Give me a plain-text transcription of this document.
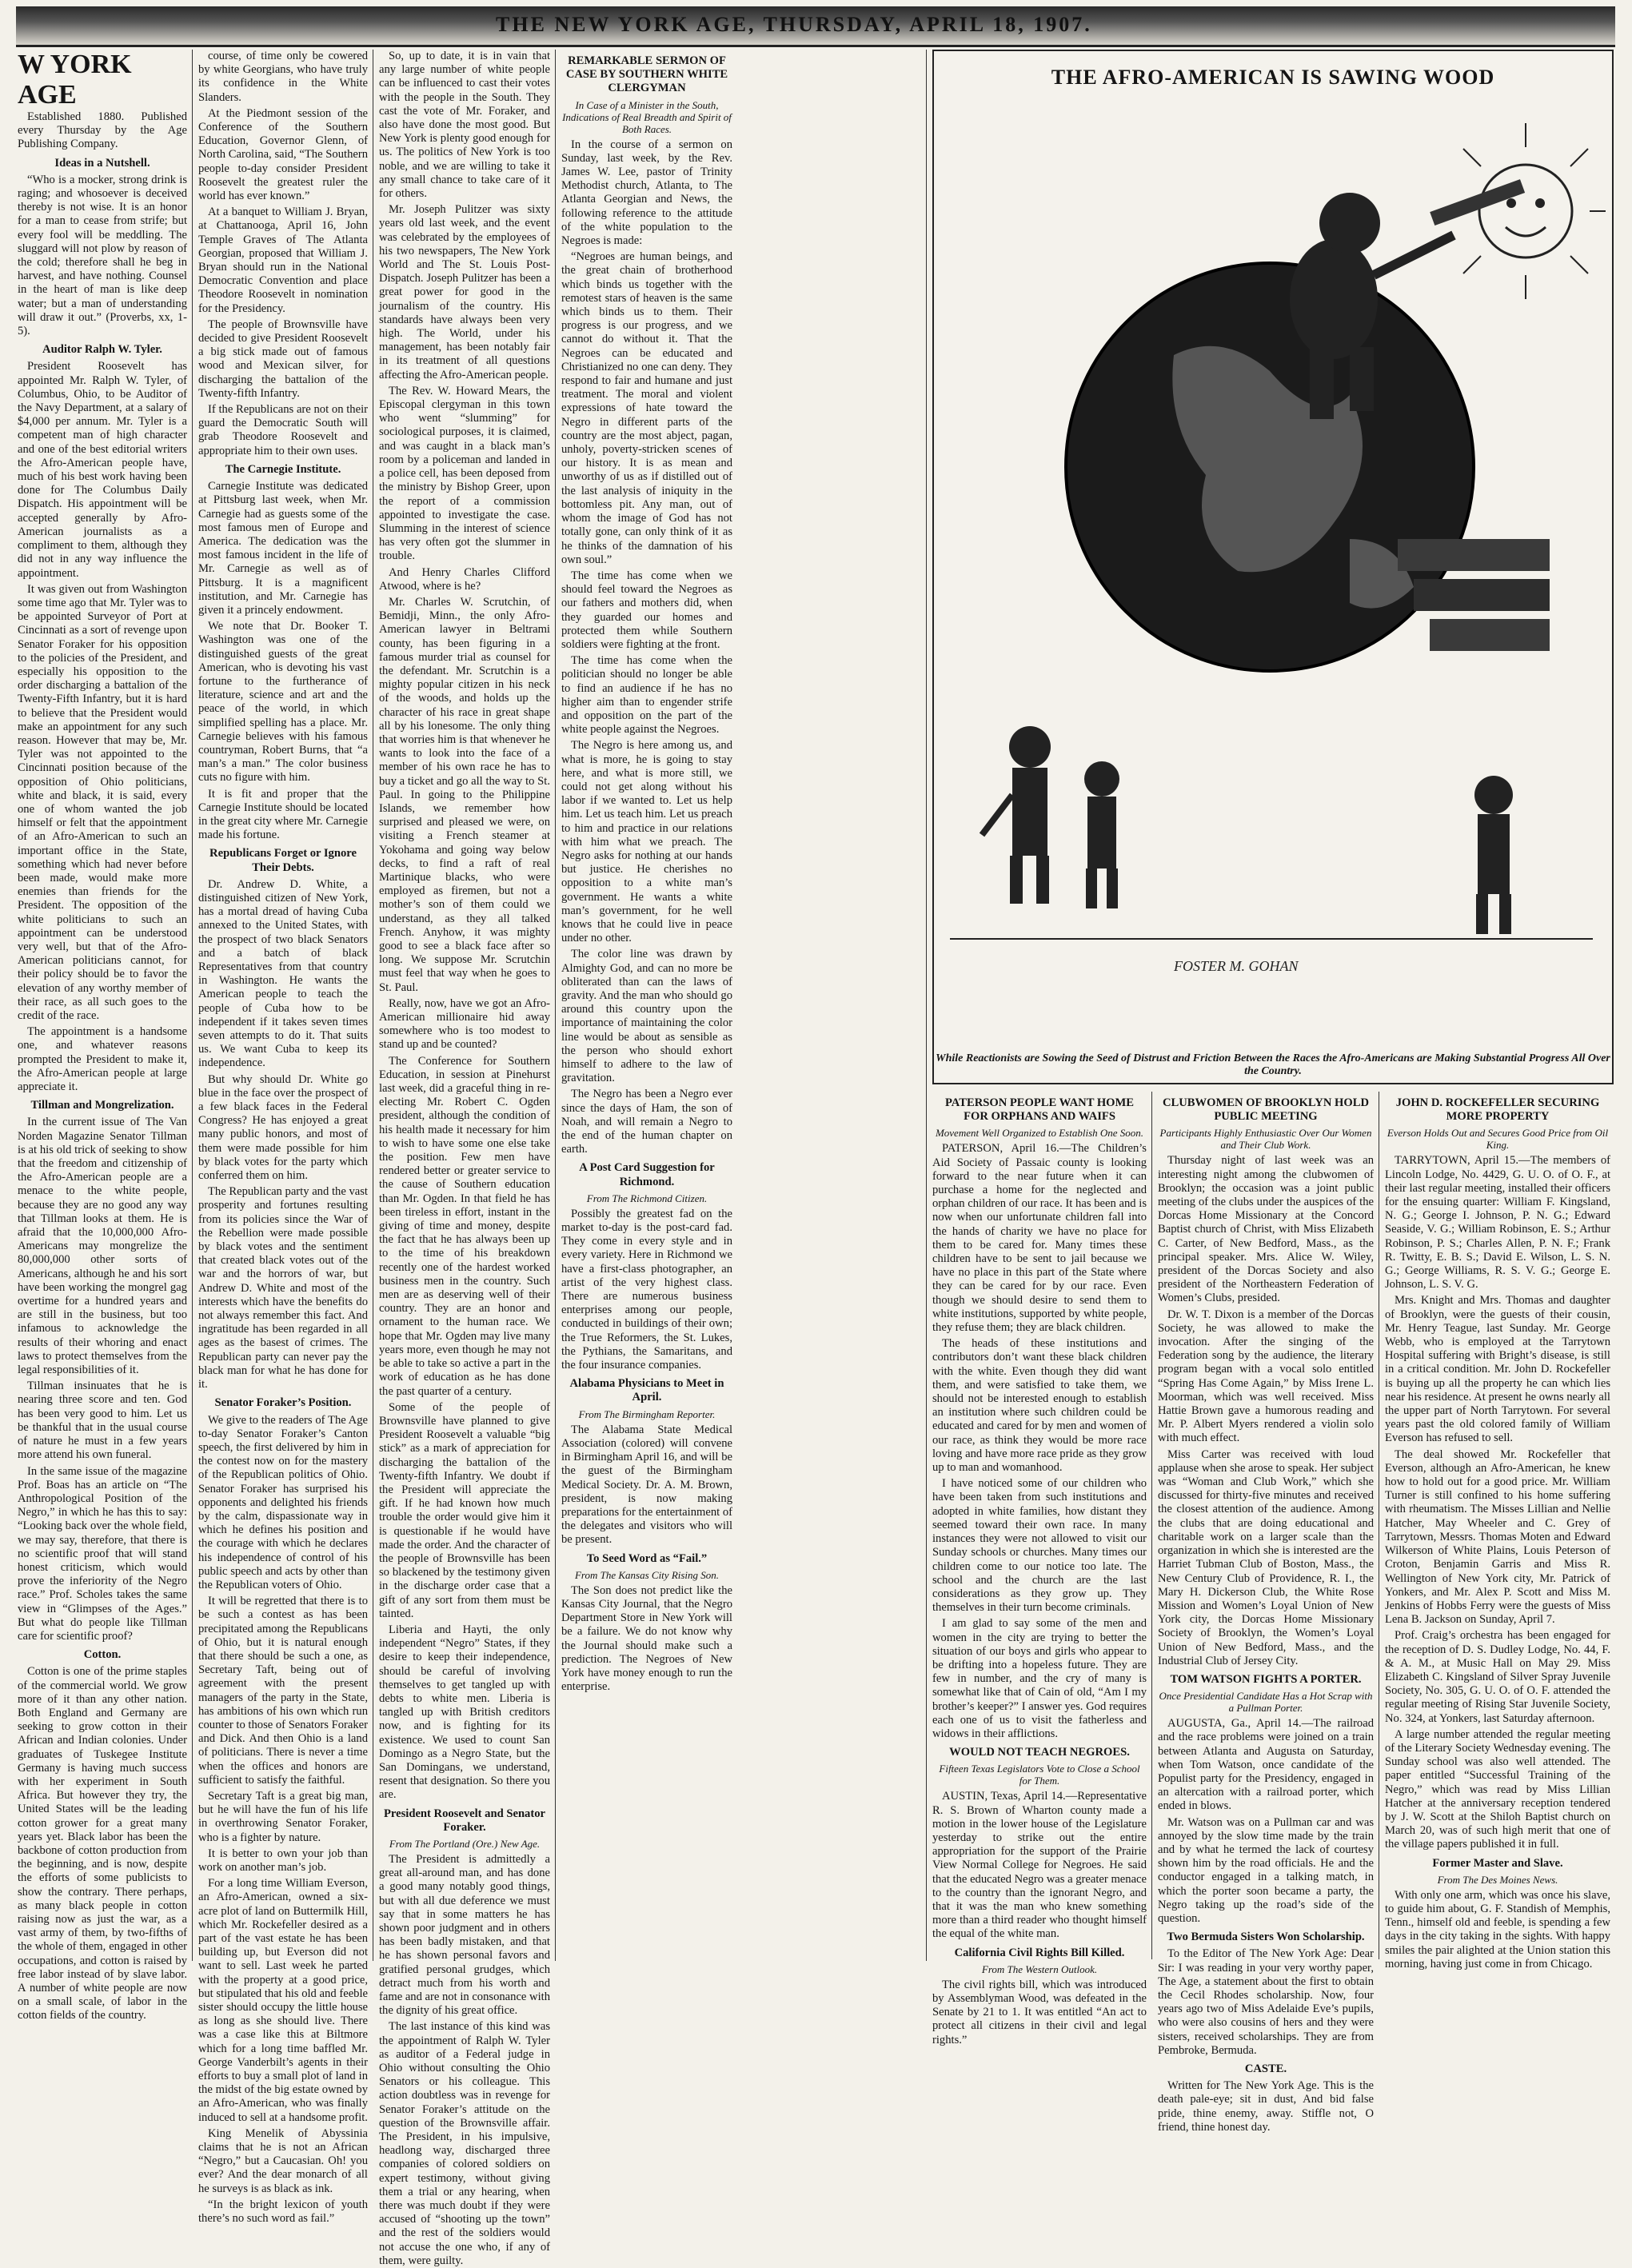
THE NEW YORK AGE, THURSDAY, APRIL 18, 1907.
W YORK AGE

Established 1880. Published every Thursday by the Age Publishing Company.

Ideas in a Nutshell.

“Who is a mocker, strong drink is raging; and whosoever is deceived thereby is not wise. It is an honor for a man to cease from strife; but every fool will be meddling. The sluggard will not plow by reason of the cold; therefore shall he beg in harvest, and have nothing. Counsel in the heart of man is like deep water; but a man of understanding will draw it out.” (Proverbs, xx, 1-5).

Auditor Ralph W. Tyler.

President Roosevelt has appointed Mr. Ralph W. Tyler, of Columbus, Ohio, to be Auditor of the Navy Department, at a salary of $4,000 per annum. Mr. Tyler is a competent man of high character and one of the best editorial writers the Afro-American people have, much of his best work having been done for The Columbus Daily Dispatch. His appointment will be accepted generally by Afro-American journalists as a compliment to them, although they did not in any way influence the appointment.

It was given out from Washington some time ago that Mr. Tyler was to be appointed Surveyor of Port at Cincinnati as a sort of revenge upon Senator Foraker for his opposition to the policies of the President, and especially his opposition to the order discharging a battalion of the Twenty-Fifth Infantry, but it is hard to believe that the President would make an appointment for any such reason. However that may be, Mr. Tyler was not appointed to the Cincinnati position because of the opposition of Ohio politicians, white and black, it is said, every one of whom wanted the job himself or felt that the appointment of an Afro-American to such an important office in the State, something which had never before been made, would make more enemies than friends for the President. The opposition of the white politicians to such an appointment can be understood very well, but that of the Afro-American politicians cannot, for their policy should be to favor the elevation of any worthy member of their race, as all such goes to the credit of the race.

The appointment is a handsome one, and whatever reasons prompted the President to make it, the Afro-American people at large appreciate it.

Tillman and Mongrelization.

In the current issue of The Van Norden Magazine Senator Tillman is at his old trick of seeking to show that the freedom and citizenship of the Afro-American people are a menace to the white people, because they are no good any way that Tillman looks at them. He is afraid that the 10,000,000 Afro-Americans may mongrelize the 80,000,000 other sorts of Americans, although he and his sort have been working the mongrel gag overtime for a hundred years and are still in the business, but too infamous to acknowledge the results of their whoring and enact laws to protect themselves from the legal responsibilities of it.

Tillman insinuates that he is nearing three score and ten. God has been very good to him. Let us be thankful that in the usual course of nature he must in a few years more attend his own funeral.

In the same issue of the magazine Prof. Boas has an article on “The Anthropological Position of the Negro,” in which he has this to say: “Looking back over the whole field, we may say, therefore, that there is no scientific proof that will stand honest criticism, which would prove the inferiority of the Negro race.” Prof. Scholes takes the same view in “Glimpses of the Ages.” But what do people like Tillman care for scientific proof?

Cotton.

Cotton is one of the prime staples of the commercial world. We grow more of it than any other nation. Both England and Germany are seeking to grow cotton in their African and Indian colonies. Under graduates of Tuskegee Institute Germany is having much success with her experiment in South Africa. But however they try, the United States will be the leading cotton grower for a great many years yet. Black labor has been the backbone of cotton production from the beginning, and is now, despite the efforts of some publicists to show the contrary. There perhaps, as many black people in cotton raising now as just the war, as a vast army of them, by two-fifths of the whole of them, engaged in other occupations, and cotton is raised by free labor instead of by slave labor. A number of white people are now on a small scale, of labor in the cotton fields of the country.

course, of time only be cowered by white Georgians, who have truly its confidence in the White Slanders.

At the Piedmont session of the Conference of the Southern Education, Governor Glenn, of North Carolina, said, “The Southern people to-day consider President Roosevelt the greatest ruler the world has ever known.”

At a banquet to William J. Bryan, at Chattanooga, April 16, John Temple Graves of The Atlanta Georgian, proposed that William J. Bryan should run in the National Democratic Convention and place Theodore Roosevelt in nomination for the Presidency.

The people of Brownsville have decided to give President Roosevelt a big stick made out of famous wood and Mexican silver, for discharging the battalion of the Twenty-fifth Infantry.

If the Republicans are not on their guard the Democratic South will grab Theodore Roosevelt and appropriate him to their own uses.

The Carnegie Institute.

Carnegie Institute was dedicated at Pittsburg last week, when Mr. Carnegie had as guests some of the most famous men of Europe and America. The dedication was the most famous incident in the life of Mr. Carnegie as well as of Pittsburg. It is a magnificent institution, and Mr. Carnegie has given it a princely endowment.

We note that Dr. Booker T. Washington was one of the distinguished guests of the great American, who is devoting his vast fortune to the furtherance of literature, science and art and the peace of the world, in which simplified spelling has a place. Mr. Carnegie believes with his famous countryman, Robert Burns, that “a man’s a man.” The color business cuts no figure with him.

It is fit and proper that the Carnegie Institute should be located in the great city where Mr. Carnegie made his fortune.

Republicans Forget or Ignore Their Debts.

Dr. Andrew D. White, a distinguished citizen of New York, has a mortal dread of having Cuba annexed to the United States, with the prospect of two black Senators and a batch of black Representatives from that country in Washington. He wants the American people to teach the people of Cuba how to be independent if it takes seven times seven attempts to do it. That suits us. We want Cuba to keep its independence.

But why should Dr. White go blue in the face over the prospect of a few black faces in the Federal Congress? He has enjoyed a great many public honors, and most of them were made possible for him by black votes for the party which conferred them on him.

The Republican party and the vast prosperity and fortunes resulting from its policies since the War of the Rebellion were made possible by black votes and the sentiment that created black votes out of the war and the horrors of war, but Andrew D. White and most of the interests which have the benefits do not always remember this fact. And ingratitude has been regarded in all ages as the basest of crimes. The Republican party can never pay the black man for what he has done for it.

Senator Foraker’s Position.

We give to the readers of The Age to-day Senator Foraker’s Canton speech, the first delivered by him in the contest now on for the mastery of the Republican politics of Ohio. Senator Foraker has surprised his opponents and delighted his friends by the calm, dispassionate way in which he defines his position and the courage with which he declares his independence of control of his public speech and acts by other than the Republican voters of Ohio.

It will be regretted that there is to be such a contest as has been precipitated among the Republicans of Ohio, but it is natural enough that there should be such a one, as Secretary Taft, being out of agreement with the present managers of the party in the State, has ambitions of his own which run counter to those of Senators Foraker and Dick. And then Ohio is a land of politicians. There is never a time when the offices and honors are sufficient to satisfy the faithful.

Secretary Taft is a great big man, but he will have the fun of his life in overthrowing Senator Foraker, who is a fighter by nature.

It is better to own your job than work on another man’s job.

For a long time William Everson, an Afro-American, owned a six-acre plot of land on Buttermilk Hill, which Mr. Rockefeller desired as a part of the vast estate he has been building up, but Everson did not want to sell. Last week he parted with the property at a good price, but stipulated that his old and feeble sister should occupy the little house as long as she should live. There was a case like this at Biltmore which for a long time baffled Mr. George Vanderbilt’s agents in their efforts to buy a small plot of land in the midst of the big estate owned by an Afro-American, who was finally induced to sell at a handsome profit.

King Menelik of Abyssinia claims that he is not an African “Negro,” but a Caucasian. Oh! you ever? And the dear monarch of all he surveys is as black as ink.

“In the bright lexicon of youth there’s no such word as fail.”

So, up to date, it is in vain that any large number of white people can be influenced to cast their votes with the people in the South. They cast the vote of Mr. Foraker, and also have done the most good. But New York is plenty good enough for us. The politics of New York is too noble, and we are willing to take it any small chance to take care of it for others.

Mr. Joseph Pulitzer was sixty years old last week, and the event was celebrated by the employees of his two newspapers, The New York World and The St. Louis Post-Dispatch. Joseph Pulitzer has been a great power for good in the journalism of the country. His standards have always been very high. The World, under his management, has been notably fair in its treatment of all questions affecting the Afro-American people.

The Rev. W. Howard Mears, the Episcopal clergyman in this town who went “slumming” for sociological purposes, it is claimed, and was caught in a black man’s room by a policeman and landed in a police cell, has been deposed from the ministry by Bishop Greer, upon the report of a commission appointed to investigate the case. Slumming in the interest of science has very often got the slummer in trouble.

And Henry Charles Clifford Atwood, where is he?

Mr. Charles W. Scrutchin, of Bemidji, Minn., the only Afro-American lawyer in Beltrami county, has been figuring in a famous murder trial as counsel for the defendant. Mr. Scrutchin is a mighty popular citizen in his neck of the woods, and holds up the character of his race in great shape all by his lonesome. The only thing that worries him is that whenever he wants to look into the face of a member of his own race he has to buy a ticket and go all the way to St. Paul. In going to the Philippine Islands, we remember how surprised and pleased we were, on visiting a French steamer at Yokohama and going way below decks, to find a raft of real Martinique blacks, who were employed as firemen, but not a mother’s son of them could we understand, as they all talked French. Anyhow, it was mighty good to see a black face after so long. We suppose Mr. Scrutchin must feel that way when he goes to St. Paul.

Really, now, have we got an Afro-American millionaire hid away somewhere who is too modest to stand up and be counted?

The Conference for Southern Education, in session at Pinehurst last week, did a graceful thing in re-electing Mr. Robert C. Ogden president, although the condition of his health made it necessary for him to wish to have some one else take the position. Few men have rendered better or greater service to the cause of Southern education than Mr. Ogden. In that field he has been tireless in effort, instant in the giving of time and money, despite the fact that he has always been up to the time of his breakdown recently one of the hardest worked business men in the country. Such men are as deserving well of their country. They are an honor and ornament to the human race. We hope that Mr. Ogden may live many years more, even though he may not be able to take so active a part in the work of education as he has done the past quarter of a century.

Some of the people of Brownsville have planned to give President Roosevelt a valuable “big stick” as a mark of appreciation for discharging the battalion of the Twenty-fifth Infantry. We doubt if the President will appreciate the gift. If he had known how much trouble the order would give him it is questionable if he would have made the order. And the character of the people of Brownsville has been so blackened by the testimony given in the discharge order case that a gift of any sort from them must be tainted.

Liberia and Hayti, the only independent “Negro” States, if they desire to keep their independence, should be careful of involving themselves to get tangled up with debts to white men. Liberia is tangled up with British creditors now, and is fighting for its existence. We used to count San Domingo as a Negro State, but the San Domingans, we understand, resent that designation. So there you are.

President Roosevelt and Senator Foraker.
From The Portland (Ore.) New Age.

The President is admittedly a great all-around man, and has done a good many notably good things, but with all due deference we must say that in some matters he has shown poor judgment and in others has been badly mistaken, and that he has shown personal favors and gratified personal grudges, which detract much from his worth and fame and are not in consonance with the dignity of his great office.

The last instance of this kind was the appointment of Ralph W. Tyler as auditor of a Federal judge in Ohio without consulting the Ohio Senators or his colleague. This action doubtless was in revenge for Senator Foraker’s attitude on the question of the Brownsville affair. The President, in his impulsive, headlong way, discharged three companies of colored soldiers on expert testimony, without giving them a trial or any hearing, when there was much doubt if they were accused of “shooting up the town” and the rest of the soldiers would not accuse the one who, if any of them, were guilty.

REMARKABLE SERMON OF CASE BY SOUTHERN WHITE CLERGYMAN
In Case of a Minister in the South, Indications of Real Breadth and Spirit of Both Races.

In the course of a sermon on Sunday, last week, by the Rev. James W. Lee, pastor of Trinity Methodist church, Atlanta, to The Atlanta Georgian and News, the following reference to the attitude of the white population to the Negroes is made:

“Negroes are human beings, and the great chain of brotherhood which binds us together with the remotest stars of heaven is the same which binds us to them. Their progress is our progress, and we cannot do without it. That the Negroes can be educated and Christianized no one can deny. They respond to fair and humane and just treatment. The moral and violent expressions of hate toward the Negro in different parts of the country are the most abject, pagan, unholy, poverty-stricken scenes of our history. It is as mean and unworthy of us as if distilled out of the last analysis of iniquity in the bottomless pit. Any man, out of whom the image of God has not totally gone, can only think of it as he thinks of the damnation of his own soul.”

The time has come when we should feel toward the Negroes as our fathers and mothers did, when they guarded our homes and protected them while Southern soldiers were fighting at the front.

The time has come when the politician should no longer be able to find an audience if he has no higher aim than to engender strife and opposition on the part of the white people against the Negroes.

The Negro is here among us, and what is more, he is going to stay here, and what is more still, we could not get along without his labor if we wanted to. Let us help him. Let us teach him. Let us preach to him and practice in our relations with him what we preach. The Negro asks for nothing at our hands but justice. He cherishes no opposition to a white man’s government. He wants a white man’s government, for he well knows that he could live in peace under no other.

The color line was drawn by Almighty God, and can no more be obliterated than can the laws of gravity. And the man who should go around this country upon the importance of maintaining the color line would be about as sensible as the person who should exhort himself to adhere to the law of gravitation.

The Negro has been a Negro ever since the days of Ham, the son of Noah, and will remain a Negro to the end of the human chapter on earth.

A Post Card Suggestion for Richmond.
From The Richmond Citizen.

Possibly the greatest fad on the market to-day is the post-card fad. They come in every style and in every variety. Here in Richmond we have a first-class photographer, an artist of the very highest class. There are numerous business enterprises among our people, conducted in buildings of their own; the True Reformers, the St. Lukes, the Pythians, the Samaritans, and the four insurance companies.

Alabama Physicians to Meet in April.
From The Birmingham Reporter.

The Alabama State Medical Association (colored) will convene in Birmingham April 16, and will be the guest of the Birmingham Medical Society. Dr. A. M. Brown, president, is now making preparations for the entertainment of the delegates and visitors who will be present.

To Seed Word as “Fail.”
From The Kansas City Rising Son.

The Son does not predict like the Kansas City Journal, that the Negro Department Store in New York will be a failure. We do not know why the Journal should make such a prediction. The Negroes of New York have money enough to run the enterprise.

THE AFRO-AMERICAN IS SAWING WOOD
FOSTER M. GOHAN
While Reactionists are Sowing the Seed of Distrust and Friction Between the Races the Afro-Americans are Making Substantial Progress All Over the Country.
PATERSON PEOPLE WANT HOME FOR ORPHANS AND WAIFS
Movement Well Organized to Establish One Soon.

PATERSON, April 16.—The Children’s Aid Society of Passaic county is looking forward to the near future when it can purchase a home for the neglected and orphan children of our race. It has been and is now when our unfortunate children fall into the hands of charity we have no place for them to be cared for. Many times these children have to be sent to jail because we have no place in this part of the State where they can be cared for by our race. Even though we should desire to send them to white institutions, supported by white people, they refuse them; they are black children.

The heads of these institutions and contributors don’t want these black children with the white. Even though they did want them, and were satisfied to take them, we should not be interested enough to establish an institution where such children could be educated and cared for by men and women of our race, as think they would be more race loving and have more race pride as they grow up to man and womanhood.

I have noticed some of our children who have been taken from such institutions and adopted in white families, how distant they seemed toward their own race. In many instances they were not allowed to visit our Sunday schools or churches. Many times our children come to our notice too late. The school and the church are the last considerations as they grow up. They themselves in their turn become criminals.

I am glad to say some of the men and women in the city are trying to better the situation of our boys and girls who appear to be drifting into a hopeless future. They are few in number, and the cry of many is somewhat like that of Cain of old, “Am I my brother’s keeper?” I answer yes. God requires each one of us to visit the fatherless and widows in their afflictions.

WOULD NOT TEACH NEGROES.
Fifteen Texas Legislators Vote to Close a School for Them.

AUSTIN, Texas, April 14.—Representative R. S. Brown of Wharton county made a motion in the lower house of the Legislature yesterday to strike out the entire appropriation for the support of the Prairie View Normal College for Negroes. He said that the educated Negro was a greater menace to the country than the ignorant Negro, and that it was the man who knew something more than a third reader who thought himself the equal of the white man.

California Civil Rights Bill Killed.
From The Western Outlook.

The civil rights bill, which was introduced by Assemblyman Wood, was defeated in the Senate by 21 to 1. It was entitled “An act to protect all citizens in their civil and legal rights.”

CLUBWOMEN OF BROOKLYN HOLD PUBLIC MEETING
Participants Highly Enthusiastic Over Our Women and Their Club Work.

Thursday night of last week was an interesting night among the clubwomen of Brooklyn; the occasion was a joint public meeting of the clubs under the auspices of the Dorcas Home Missionary at the Concord Baptist church of Christ, with Miss Elizabeth C. Carter, of New Bedford, Mass., as the principal speaker. Mrs. Alice W. Wiley, president of the Dorcas Society and also president of the Northeastern Federation of Women’s Clubs, presided.

Dr. W. T. Dixon is a member of the Dorcas Society, he was allowed to make the invocation. After the singing of the Federation song by the audience, the literary program began with a vocal solo entitled “Spring Has Come Again,” by Miss Irene L. Moorman, which was well received. Miss Hattie Brown gave a humorous reading and Mr. P. Albert Myers rendered a violin solo with much effect.

Miss Carter was received with loud applause when she arose to speak. Her subject was “Woman and Club Work,” which she discussed for thirty-five minutes and received the closest attention of the audience. Among the clubs that are doing educational and charitable work on a larger scale than the organization in which she is interested are the Harriet Tubman Club of Boston, Mass., the New Century Club of Providence, R. I., the Mary H. Dickerson Club, the White Rose Mission and Women’s Loyal Union of New York city, the Dorcas Home Missionary Society of Brooklyn, the Women’s Loyal Union of New Bedford, Mass., and the Industrial Club of Jersey City.

TOM WATSON FIGHTS A PORTER.
Once Presidential Candidate Has a Hot Scrap with a Pullman Porter.

AUGUSTA, Ga., April 14.—The railroad and the race problems were joined on a train between Atlanta and Augusta on Saturday, when Tom Watson, once candidate of the Populist party for the Presidency, engaged in an altercation with a railroad porter, which ended in blows.

Mr. Watson was on a Pullman car and was annoyed by the slow time made by the train and by what he termed the lack of courtesy shown him by the road officials. He and the conductor engaged in a talking match, in which the porter soon became a party, the Negro taking up the road’s side of the question.

Two Bermuda Sisters Won Scholarship.

To the Editor of The New York Age: Dear Sir: I was reading in your very worthy paper, The Age, a statement about the first to obtain the Cecil Rhodes scholarship. Now, four years ago two of Miss Adelaide Eve’s pupils, who were also cousins of hers and they were sisters, received scholarships. They are from Pembroke, Bermuda.

CASTE.

Written for The New York Age. This is the death pale-eye; sit in dust, And bid false pride, thine enemy, away. Stiffle not, O friend, thine honest day.

JOHN D. ROCKEFELLER SECURING MORE PROPERTY
Everson Holds Out and Secures Good Price from Oil King.

TARRYTOWN, April 15.—The members of Lincoln Lodge, No. 4429, G. U. O. of O. F., at their last regular meeting, installed their officers for the ensuing quarter: William F. Kingsland, N. G.; George I. Johnson, P. N. G.; Edward Seaside, V. G.; William Robinson, E. S.; Arthur Robinson, P. S.; Charles Allen, P. N. F.; Frank R. Twitty, E. B. S.; David E. Wilson, L. S. N. G.; George Williams, R. S. V. G.; George E. Johnson, L. S. V. G.

Mrs. Knight and Mrs. Thomas and daughter of Brooklyn, were the guests of their cousin, Mr. Henry Teague, last Sunday. Mr. George Webb, who is employed at the Tarrytown Hospital suffering with Bright’s disease, is still in a critical condition. Mr. John D. Rockefeller is buying up all the property he can which lies near his residence. At present he owns nearly all the upper part of North Tarrytown. For several years past the old colored family of William Everson has refused to sell.

The deal showed Mr. Rockefeller that Everson, although an Afro-American, he knew how to hold out for a good price. Mr. William Turner is still confined to his home suffering with rheumatism. The Misses Lillian and Nellie Hatcher, May Wheeler and C. Grey of Tarrytown, Messrs. Thomas Moten and Edward Wilkerson of White Plains, Louis Peterson of Croton, Benjamin Garris and Miss R. Wellington of New York city, Mr. Patrick of Yonkers, and Mr. Alex P. Scott and Miss M. Jenkins of Hobbs Ferry were the guests of Miss Lena B. Jackson on Sunday, April 7.

Prof. Craig’s orchestra has been engaged for the reception of D. S. Dudley Lodge, No. 44, F. & A. M., at Music Hall on May 29. Miss Elizabeth C. Kingsland of Silver Spray Juvenile Society, No. 305, G. U. O. of O. F. attended the regular meeting of Rising Star Juvenile Society, No. 324, at Yonkers, last Saturday afternoon.

A large number attended the regular meeting of the Literary Society Wednesday evening. The Sunday school was also well attended. The paper entitled “Successful Training of the Negro,” which was read by Miss Lillian Hatcher at the anniversary reception tendered by J. W. Scott at the Shiloh Baptist church on March 20, was of such high merit that one of the village papers published it in full.

Former Master and Slave.
From The Des Moines News.

With only one arm, which was once his slave, to guide him about, G. F. Standish of Memphis, Tenn., himself old and feeble, is spending a few days in the city taking in the sights. With happy smiles the pair alighted at the Union station this morning, having just come in from Chicago.
